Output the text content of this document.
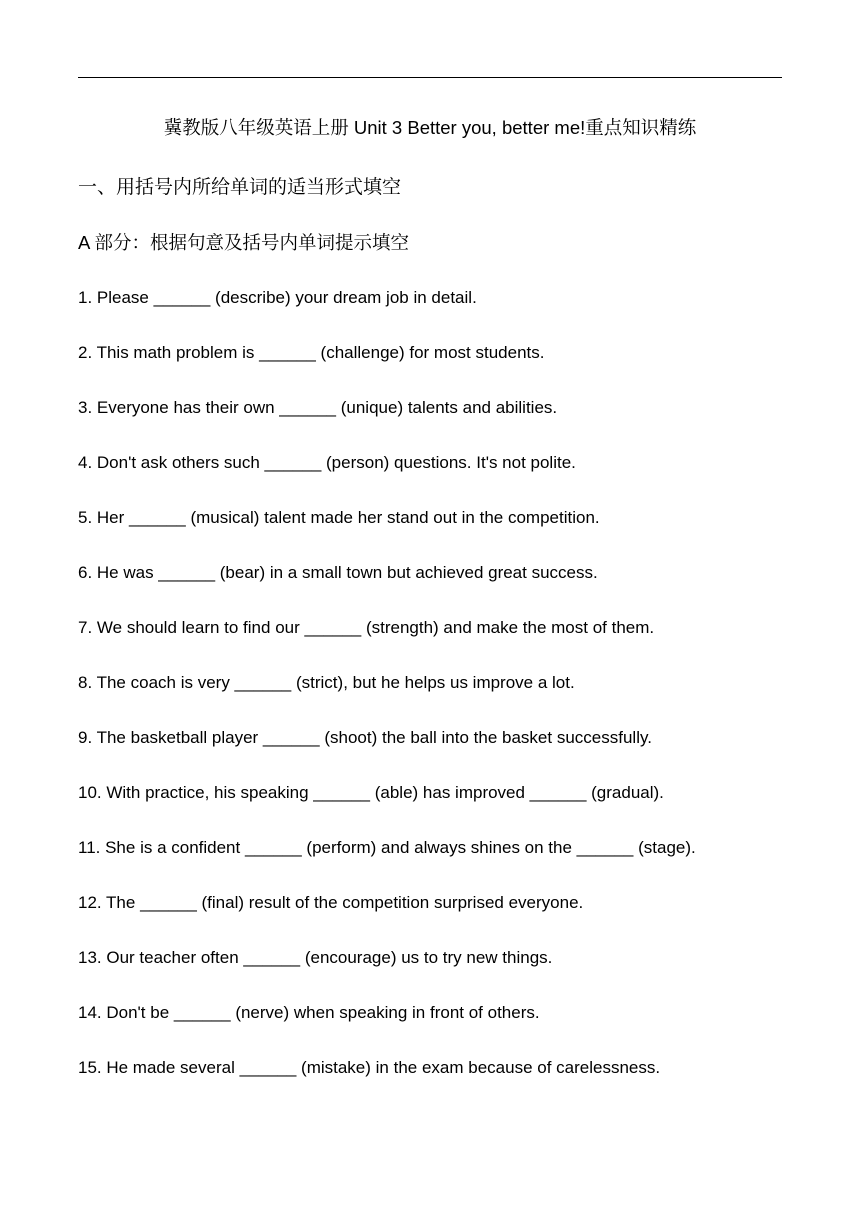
冀教版八年级英语上册 Unit 3 Better you, better me!重点知识精练
一、用括号内所给单词的适当形式填空
A 部分：根据句意及括号内单词提示填空
1. Please ______ (describe) your dream job in detail.
2. This math problem is ______ (challenge) for most students.
3. Everyone has their own ______ (unique) talents and abilities.
4. Don't ask others such ______ (person) questions. It's not polite.
5. Her ______ (musical) talent made her stand out in the competition.
6. He was ______ (bear) in a small town but achieved great success.
7. We should learn to find our ______ (strength) and make the most of them.
8. The coach is very ______ (strict), but he helps us improve a lot.
9. The basketball player ______ (shoot) the ball into the basket successfully.
10. With practice, his speaking ______ (able) has improved ______ (gradual).
11. She is a confident ______ (perform) and always shines on the ______ (stage).
12. The ______ (final) result of the competition surprised everyone.
13. Our teacher often ______ (encourage) us to try new things.
14. Don't be ______ (nerve) when speaking in front of others.
15. He made several ______ (mistake) in the exam because of carelessness.
